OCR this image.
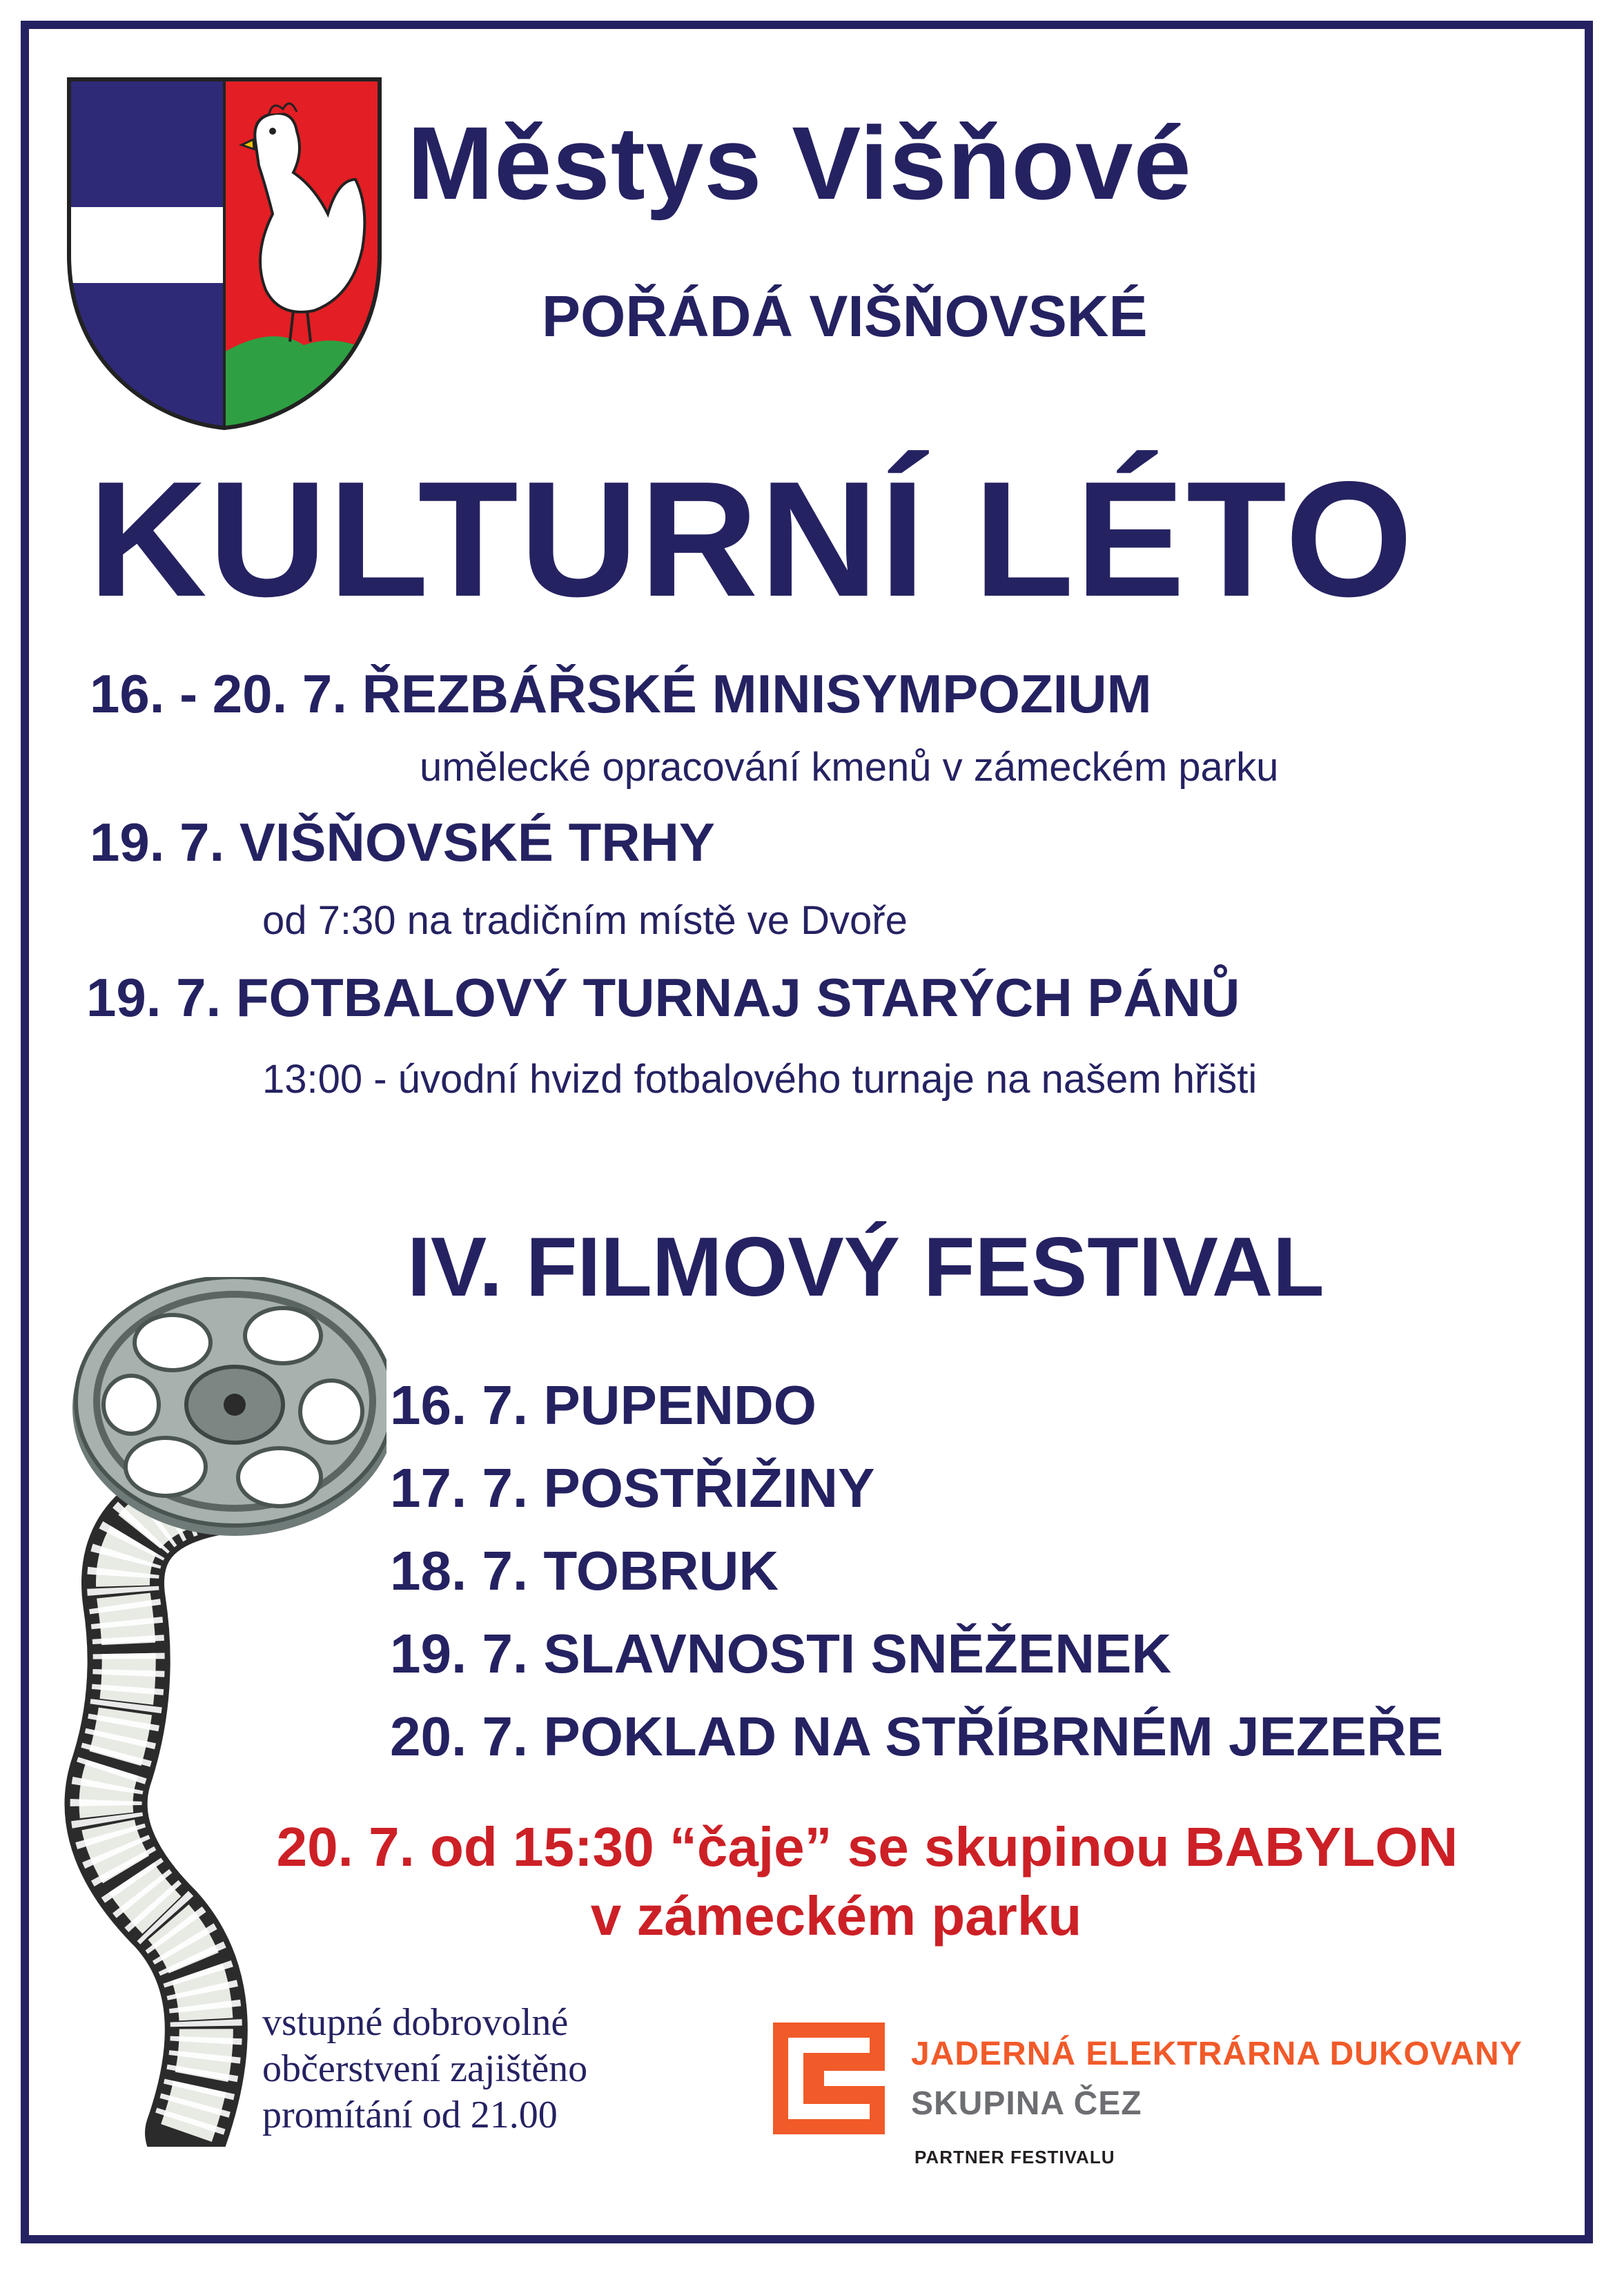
Městys Višňové
POŘÁDÁ VIŠŇOVSKÉ
KULTURNÍ LÉTO
16. - 20. 7. ŘEZBÁŘSKÉ MINISYMPOZIUM
umělecké opracování kmenů v zámeckém parku
19. 7. VIŠŇOVSKÉ TRHY
od 7:30 na tradičním místě ve Dvoře
19. 7. FOTBALOVÝ TURNAJ STARÝCH PÁNŮ
13:00 - úvodní hvizd fotbalového turnaje na našem hřišti
IV. FILMOVÝ FESTIVAL
16. 7. PUPENDO
17. 7. POSTŘIŽINY
18. 7. TOBRUK
19. 7. SLAVNOSTI SNĚŽENEK
20. 7. POKLAD NA STŘÍBRNÉM JEZEŘE
20. 7. od 15:30 “čaje” se skupinou BABYLON
v zámeckém parku
vstupné dobrovolné
občerstvení zajištěno
promítání od 21.00
JADERNÁ ELEKTRÁRNA DUKOVANY
SKUPINA ČEZ
PARTNER FESTIVALU
